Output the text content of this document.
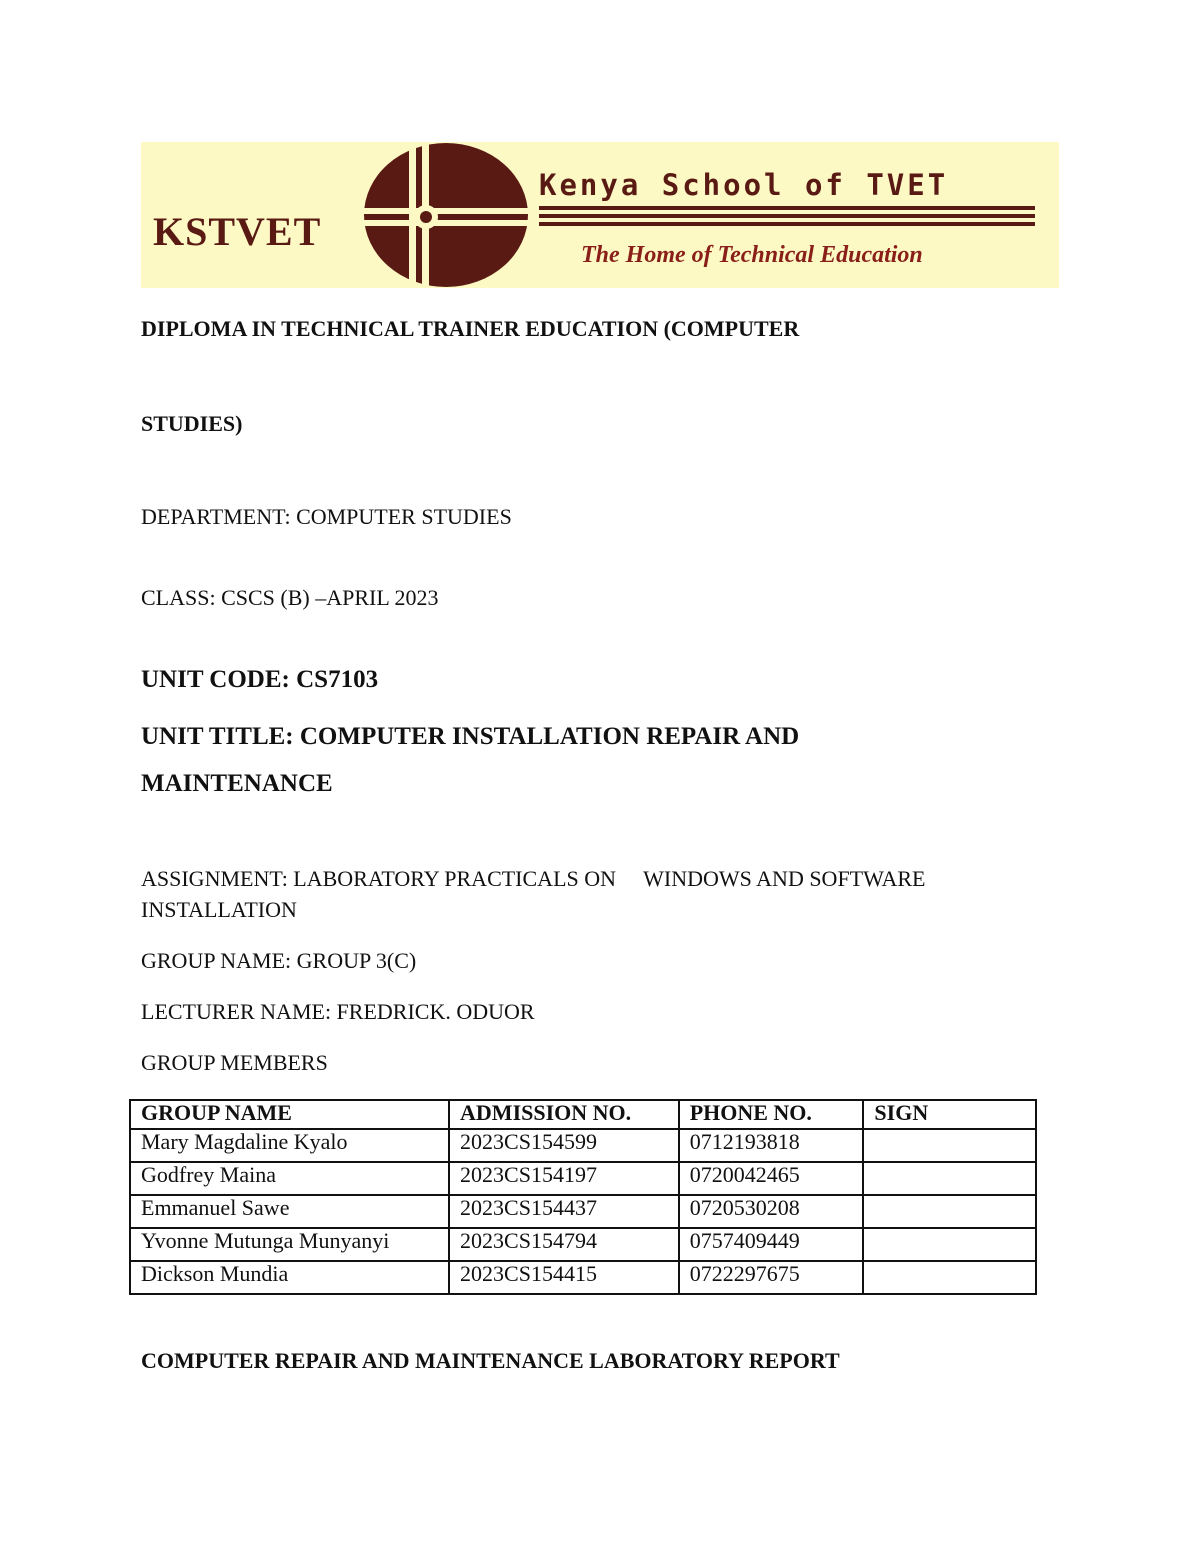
KSTVET
Kenya School of TVET
The Home of Technical Education

DIPLOMA IN TECHNICAL TRAINER EDUCATION (COMPUTER

STUDIES)

DEPARTMENT: COMPUTER STUDIES

CLASS: CSCS (B) –APRIL 2023

UNIT CODE: CS7103

UNIT TITLE: COMPUTER INSTALLATION REPAIR AND

MAINTENANCE

ASSIGNMENT: LABORATORY PRACTICALS ON     WINDOWS AND SOFTWARE

INSTALLATION

GROUP NAME: GROUP 3(C)

LECTURER NAME: FREDRICK. ODUOR

GROUP MEMBERS

GROUP NAME	ADMISSION NO.	PHONE NO.	SIGN
Mary Magdaline Kyalo	2023CS154599	0712193818	
Godfrey Maina	2023CS154197	0720042465	
Emmanuel Sawe	2023CS154437	0720530208	
Yvonne Mutunga Munyanyi	2023CS154794	0757409449	
Dickson Mundia	2023CS154415	0722297675	

COMPUTER REPAIR AND MAINTENANCE LABORATORY REPORT
